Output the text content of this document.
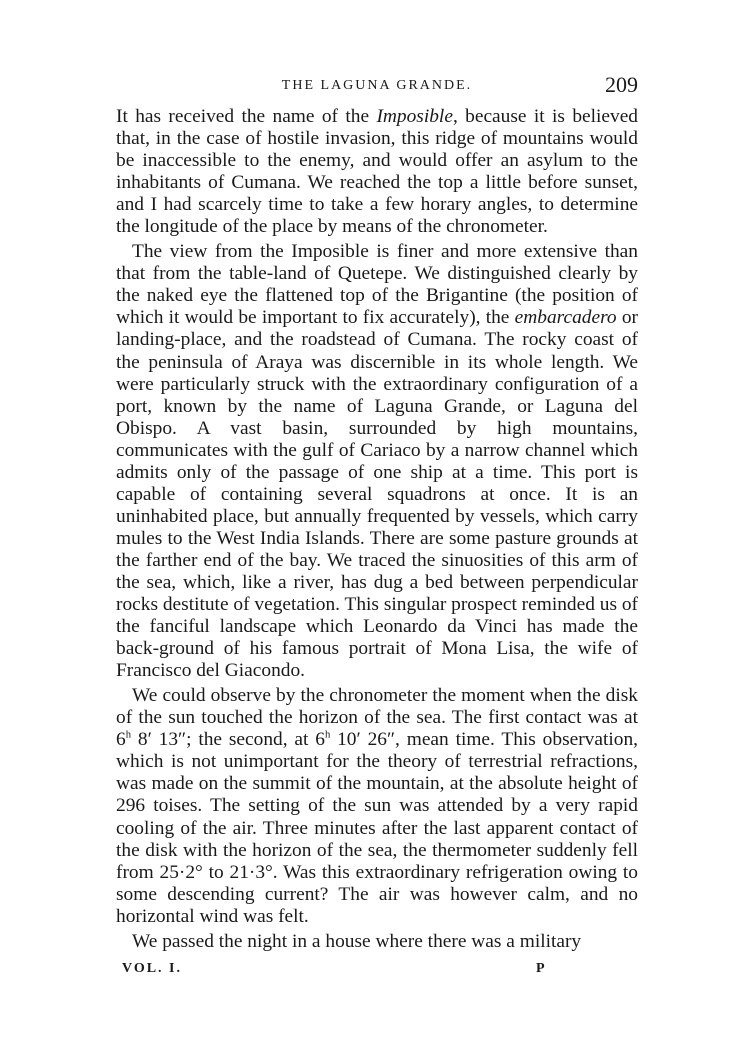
THE LAGUNA GRANDE.	209

It has received the name of the Imposible, because it is believed that, in the case of hostile invasion, this ridge of mountains would be inaccessible to the enemy, and would offer an asylum to the inhabitants of Cumana. We reached the top a little before sunset, and I had scarcely time to take a few horary angles, to determine the longitude of the place by means of the chronometer.

The view from the Imposible is finer and more extensive than that from the table-land of Quetepe. We distinguished clearly by the naked eye the flattened top of the Brigantine (the position of which it would be important to fix accurately), the embarcadero or landing-place, and the roadstead of Cumana. The rocky coast of the peninsula of Araya was discernible in its whole length. We were particularly struck with the extraordinary configuration of a port, known by the name of Laguna Grande, or Laguna del Obispo. A vast basin, surrounded by high mountains, communicates with the gulf of Cariaco by a narrow channel which admits only of the passage of one ship at a time. This port is capable of containing several squadrons at once. It is an uninhabited place, but annually frequented by vessels, which carry mules to the West India Islands. There are some pasture grounds at the farther end of the bay. We traced the sinuosities of this arm of the sea, which, like a river, has dug a bed between perpendicular rocks destitute of vegetation. This singular prospect reminded us of the fanciful landscape which Leonardo da Vinci has made the back-ground of his famous portrait of Mona Lisa, the wife of Francisco del Giacondo.

We could observe by the chronometer the moment when the disk of the sun touched the horizon of the sea. The first contact was at 6$^h$ 8′ 13″; the second, at 6$^h$ 10′ 26″, mean time. This observation, which is not unimportant for the theory of terrestrial refractions, was made on the summit of the mountain, at the absolute height of 296 toises. The setting of the sun was attended by a very rapid cooling of the air. Three minutes after the last apparent contact of the disk with the horizon of the sea, the thermometer suddenly fell from 25·2° to 21·3°. Was this extraordinary refrigeration owing to some descending current? The air was however calm, and no horizontal wind was felt.

We passed the night in a house where there was a military

VOL. I.	P
